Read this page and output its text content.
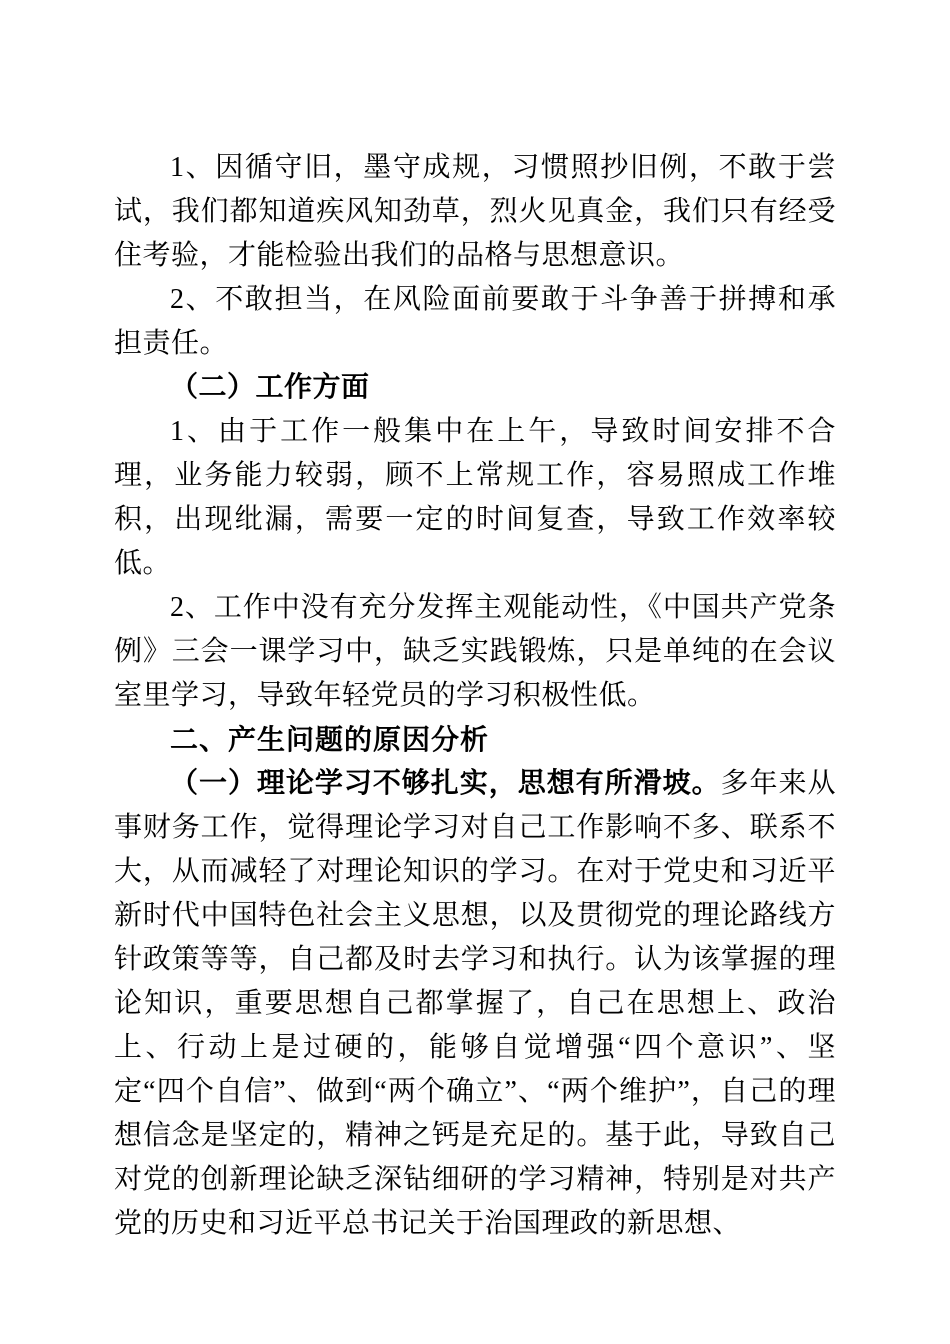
1、因循守旧，墨守成规，习惯照抄旧例，不敢于尝试，我们都知道疾风知劲草，烈火见真金，我们只有经受住考验，才能检验出我们的品格与思想意识。

2、不敢担当，在风险面前要敢于斗争善于拼搏和承担责任。

（二）工作方面

1、由于工作一般集中在上午，导致时间安排不合理，业务能力较弱，顾不上常规工作，容易照成工作堆积，出现纰漏，需要一定的时间复查，导致工作效率较低。

2、工作中没有充分发挥主观能动性，《中国共产党条例》三会一课学习中，缺乏实践锻炼，只是单纯的在会议室里学习，导致年轻党员的学习积极性低。

二、产生问题的原因分析

（一）理论学习不够扎实，思想有所滑坡。多年来从事财务工作，觉得理论学习对自己工作影响不多、联系不大，从而减轻了对理论知识的学习。在对于党史和习近平新时代中国特色社会主义思想，以及贯彻党的理论路线方针政策等等，自己都及时去学习和执行。认为该掌握的理论知识，重要思想自己都掌握了，自己在思想上、政治上、行动上是过硬的，能够自觉增强“四个意识”、坚定“四个自信”、做到“两个确立”、“两个维护”，自己的理想信念是坚定的，精神之钙是充足的。基于此，导致自己对党的创新理论缺乏深钻细研的学习精神，特别是对共产党的历史和习近平总书记关于治国理政的新思想、
